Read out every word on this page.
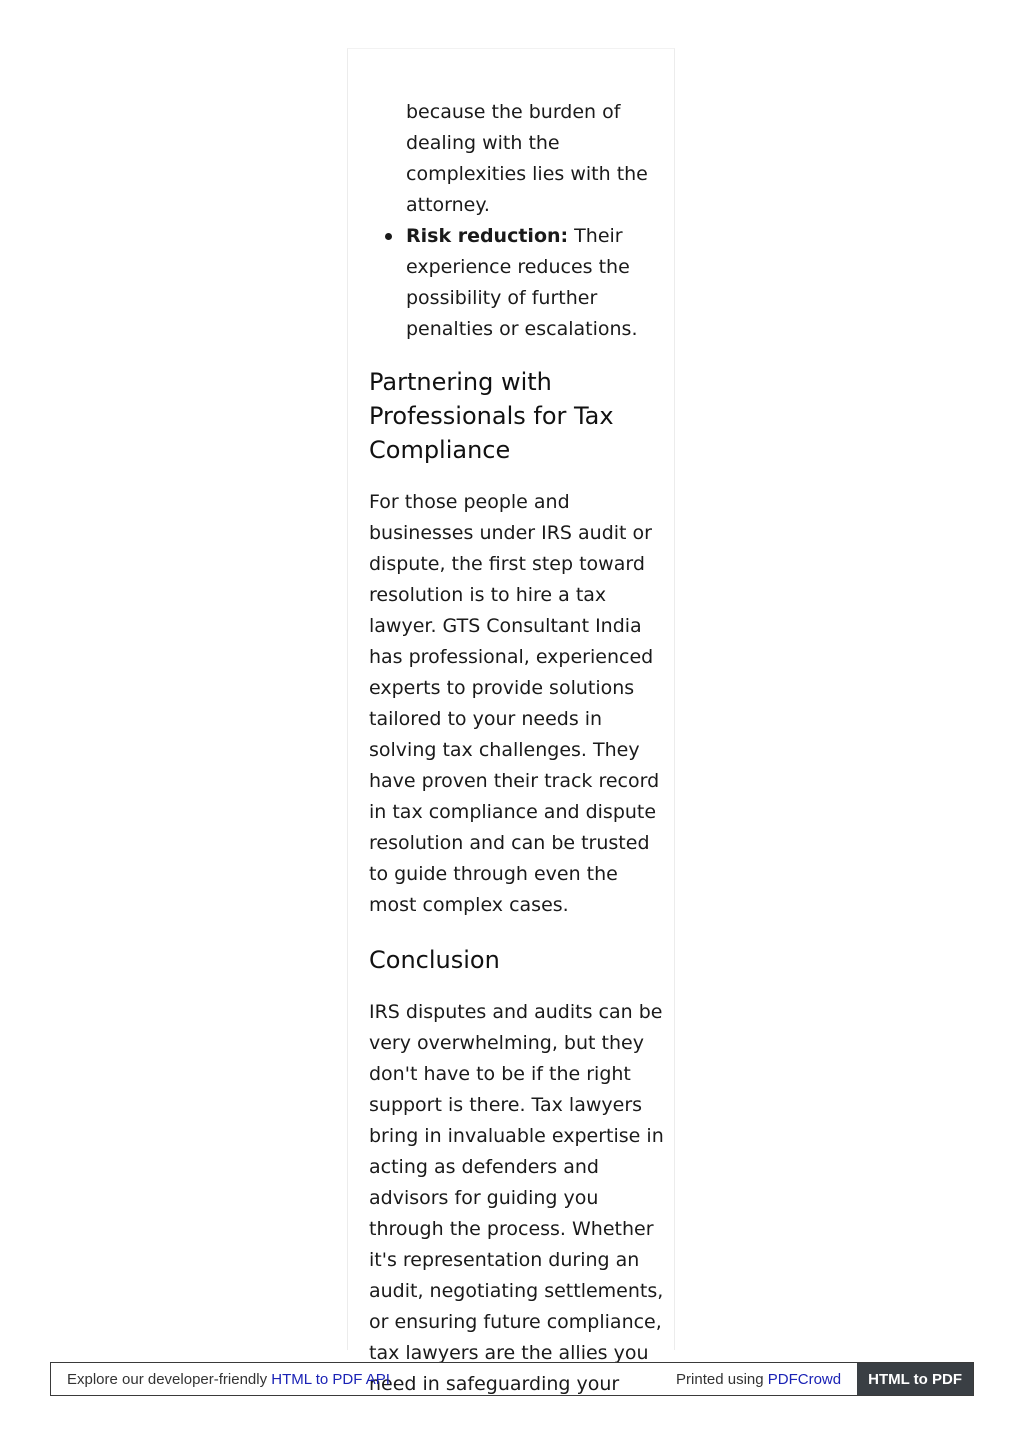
because the burden of dealing with the complexities lies with the attorney.
Risk reduction: Their experience reduces the possibility of further penalties or escalations.
Partnering with Professionals for Tax Compliance

For those people and businesses under IRS audit or dispute, the first step toward resolution is to hire a tax lawyer. GTS Consultant India has professional, experienced experts to provide solutions tailored to your needs in solving tax challenges. They have proven their track record in tax compliance and dispute resolution and can be trusted to guide through even the most complex cases.

Conclusion

IRS disputes and audits can be very overwhelming, but they don't have to be if the right support is there. Tax lawyers bring in invaluable expertise in acting as defenders and advisors for guiding you through the process. Whether it's representation during an audit, negotiating settlements, or ensuring future compliance, tax lawyers are the allies you need in safeguarding your

Explore our developer-friendly HTML to PDF API	Printed using PDFCrowd	HTML to PDF
